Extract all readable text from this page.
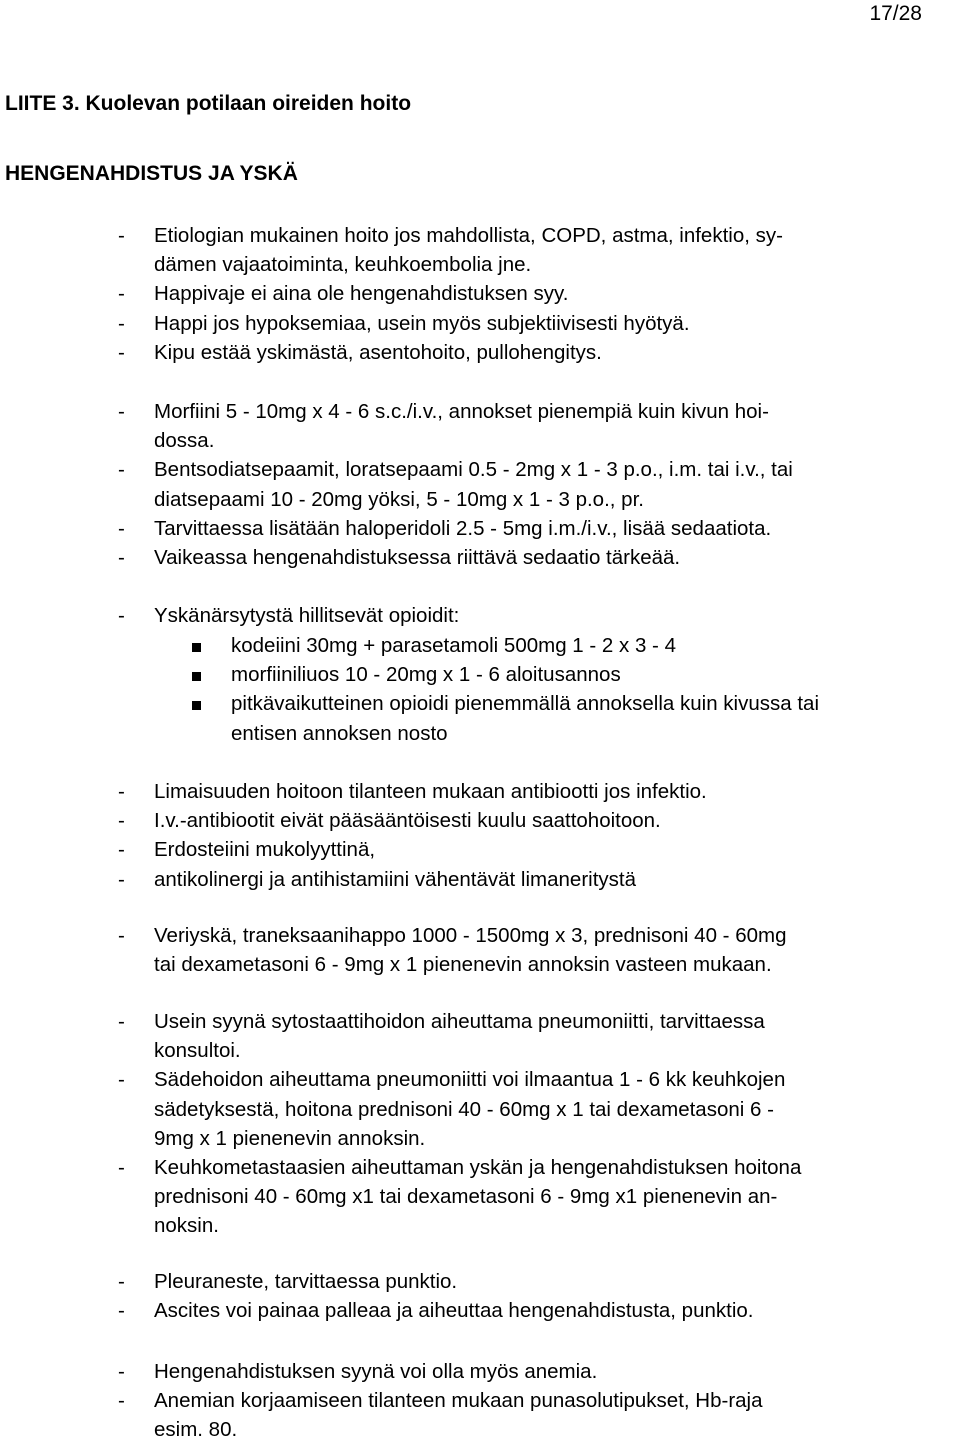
17/28
LIITE 3. Kuolevan potilaan oireiden hoito
HENGENAHDISTUS JA YSKÄ
- Etiologian mukainen hoito jos mahdollista, COPD, astma, infektio, sy-
dämen vajaatoiminta, keuhkoembolia jne.
- Happivaje ei aina ole hengenahdistuksen syy.
- Happi jos hypoksemiaa, usein myös subjektiivisesti hyötyä.
- Kipu estää yskimästä, asentohoito, pullohengitys.
- Morfiini 5 - 10mg x 4 - 6 s.c./i.v., annokset pienempiä kuin kivun hoi-
dossa.
- Bentsodiatsepaamit, loratsepaami 0.5 - 2mg x 1 - 3 p.o., i.m. tai i.v., tai
diatsepaami 10 - 20mg yöksi, 5 - 10mg x 1 - 3 p.o., pr.
- Tarvittaessa lisätään haloperidoli 2.5 - 5mg i.m./i.v., lisää sedaatiota.
- Vaikeassa hengenahdistuksessa riittävä sedaatio tärkeää.
- Yskänärsytystä hillitsevät opioidit:
- Limaisuuden hoitoon tilanteen mukaan antibiootti jos infektio.
- I.v.-antibiootit eivät pääsääntöisesti kuulu saattohoitoon.
- Erdosteiini mukolyyttinä,
- antikolinergi ja antihistamiini vähentävät limaneritystä
- Veriyskä, traneksaanihappo 1000 - 1500mg x 3, prednisoni 40 - 60mg
tai dexametasoni 6 - 9mg x 1 pienenevin annoksin vasteen mukaan.
- Usein syynä sytostaattihoidon aiheuttama pneumoniitti, tarvittaessa
konsultoi.
- Sädehoidon aiheuttama pneumoniitti voi ilmaantua 1 - 6 kk keuhkojen
sädetyksestä, hoitona prednisoni 40 - 60mg x 1 tai dexametasoni 6 -
9mg x 1 pienenevin annoksin.
- Keuhkometastaasien aiheuttaman yskän ja hengenahdistuksen hoitona
prednisoni 40 - 60mg x1 tai dexametasoni 6 - 9mg x1 pienenevin an-
noksin.
- Pleuraneste, tarvittaessa punktio.
- Ascites voi painaa palleaa ja aiheuttaa hengenahdistusta, punktio.
- Hengenahdistuksen syynä voi olla myös anemia.
- Anemian korjaamiseen tilanteen mukaan punasolutipukset, Hb-raja
esim. 80.
kodeiini 30mg + parasetamoli 500mg 1 - 2 x 3 - 4
morfiiniliuos 10 - 20mg x 1 - 6 aloitusannos
pitkävaikutteinen opioidi pienemmällä annoksella kuin kivussa tai
entisen annoksen nosto
